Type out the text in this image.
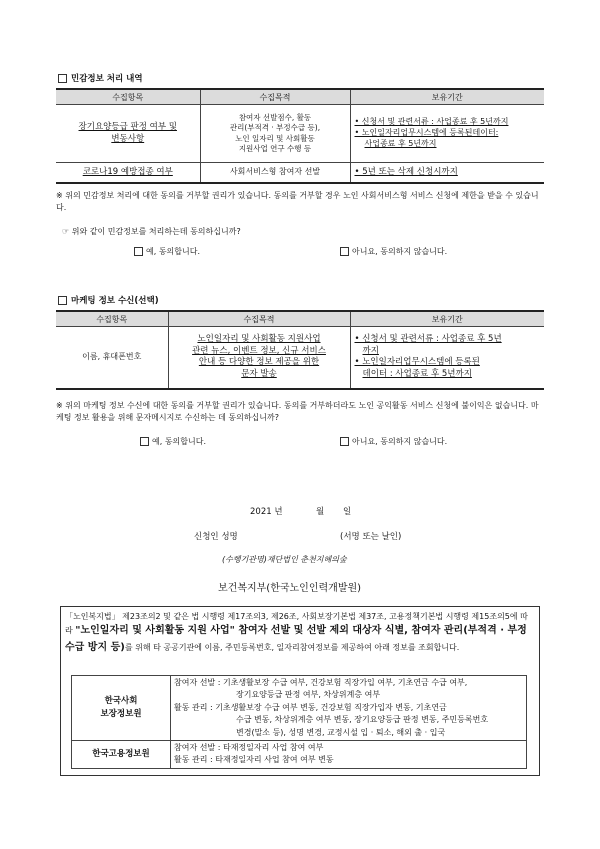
민감정보 처리 내역
수집항목	수집목적	보유기간

장기요양등급 판정 여부 및
변동사항	참여자 선발점수, 활동
관리(부적격 · 부정수급 등),
노인 일자리 및 사회활동
지원사업 연구 수행 등	• 신청서 및 관련서류 : 사업종료 후 5년까지
• 노인일자리업무시스템에 등록된데이터:
사업종료 후 5년까지

코로나19 예방접종 여부	사회서비스형 참여자 선발	• 5년 또는 삭제 신청시까지
※ 위의 민감정보 처리에 대한 동의를 거부할 권리가 있습니다. 동의를 거부할 경우 노인 사회서비스형 서비스 신청에 제한을 받을 수 있습니다.
☞ 위와 같이 민감정보를 처리하는데 동의하십니까?
예, 동의합니다.	아니요, 동의하지 않습니다.
마케팅 정보 수신(선택)
수집항목	수집목적	보유기간
이름, 휴대폰번호	노인일자리 및 사회활동 지원사업
관련 뉴스, 이벤트 정보, 신규 서비스
안내 등 다양한 정보 제공을 위한
문자 발송	• 신청서 및 관련서류 : 사업종료 후 5년
까지
• 노인일자리업무시스템에 등록된
데이터 : 사업종료 후 5년까지
※ 위의 마케팅 정보 수신에 대한 동의를 거부할 권리가 있습니다. 동의를 거부하더라도 노인 공익활동 서비스 신청에 불이익은 없습니다. 마케팅 정보 활용을 위해 문자메시지로 수신하는 데 동의하십니까?
예, 동의합니다.	아니요, 동의하지 않습니다.
2021 년	월 일
신청인 성명	(서명 또는 날인)
(수행기관명)재단법인 춘천지혜의숲
보건복지부(한국노인인력개발원)
「노인복지법」 제23조의2 및 같은 법 시행령 제17조의3, 제26조, 사회보장기본법 제37조, 고용정책기본법 시행령 제15조의5에 따라 "노인일자리 및 사회활동 지원 사업" 참여자 선발 및 선발 제외 대상자 식별, 참여자 관리(부적격 · 부정수급 방지 등)를 위해 타 공공기관에 이름, 주민등록번호, 일자리참여정보를 제공하여 아래 정보를 조회합니다.
한국사회
보장정보원	참여자 선발 : 기초생활보장 수급 여부, 건강보험 직장가입 여부, 기초연금 수급 여부,
장기요양등급 판정 여부, 차상위계층 여부
활동 관리 : 기초생활보장 수급 여부 변동, 건강보험 직장가입자 변동, 기초연금
수급 변동, 차상위계층 여부 변동, 장기요양등급 판정 변동, 주민등록번호
변경(말소 등), 성명 변경, 교정시설 입 · 퇴소, 해외 출 · 입국

한국고용정보원	참여자 선발 : 타재정일자리 사업 참여 여부
활동 관리 : 타재정일자리 사업 참여 여부 변동
